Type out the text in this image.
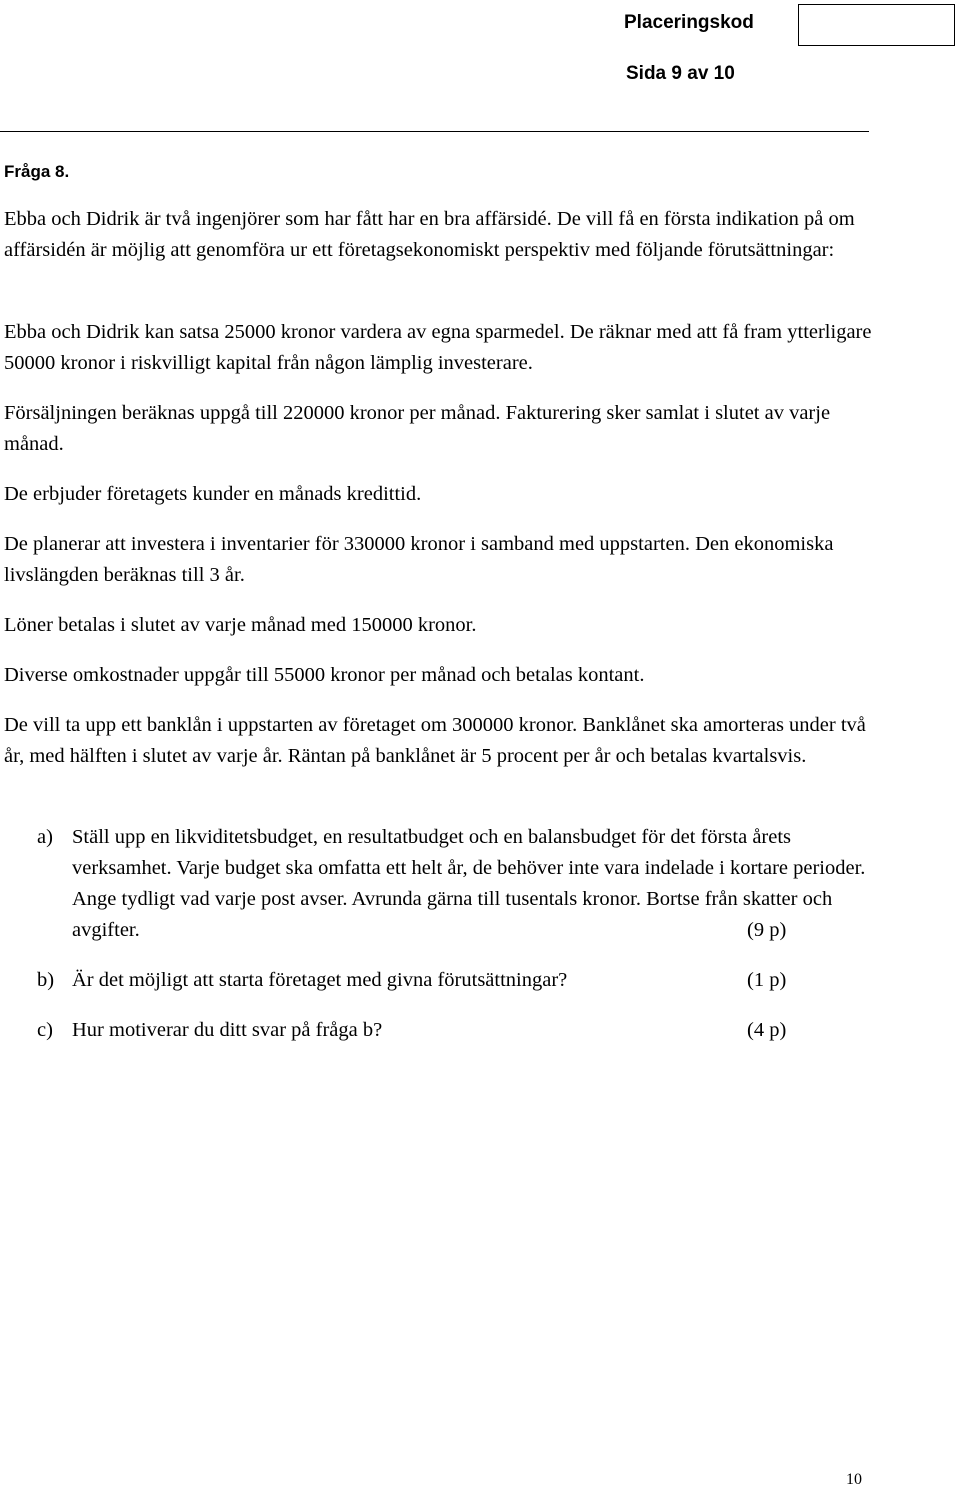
Placeringskod
Sida 9 av 10
Fråga 8.

Ebba och Didrik är två ingenjörer som har fått har en bra affärsidé. De vill få en första indikation på om affärsidén är möjlig att genomföra ur ett företagsekonomiskt perspektiv med följande förutsättningar:

Ebba och Didrik kan satsa 25000 kronor vardera av egna sparmedel. De räknar med att få fram ytterligare 50000 kronor i riskvilligt kapital från någon lämplig investerare.

Försäljningen beräknas uppgå till 220000 kronor per månad. Fakturering sker samlat i slutet av varje månad.

De erbjuder företagets kunder en månads kredittid.

De planerar att investera i inventarier för 330000 kronor i samband med uppstarten. Den ekonomiska livslängden beräknas till 3 år.

Löner betalas i slutet av varje månad med 150000 kronor.

Diverse omkostnader uppgår till 55000 kronor per månad och betalas kontant.

De vill ta upp ett banklån i uppstarten av företaget om 300000 kronor. Banklånet ska amorteras under två år, med hälften i slutet av varje år. Räntan på banklånet är 5 procent per år och betalas kvartalsvis.

a) Ställ upp en likviditetsbudget, en resultatbudget och en balansbudget för det första årets verksamhet. Varje budget ska omfatta ett helt år, de behöver inte vara indelade i kortare perioder. Ange tydligt vad varje post avser. Avrunda gärna till tusentals kronor. Bortse från skatter och avgifter.	(9 p)
b) Är det möjligt att starta företaget med givna förutsättningar?	(1 p)
c) Hur motiverar du ditt svar på fråga b?	(4 p)
10
